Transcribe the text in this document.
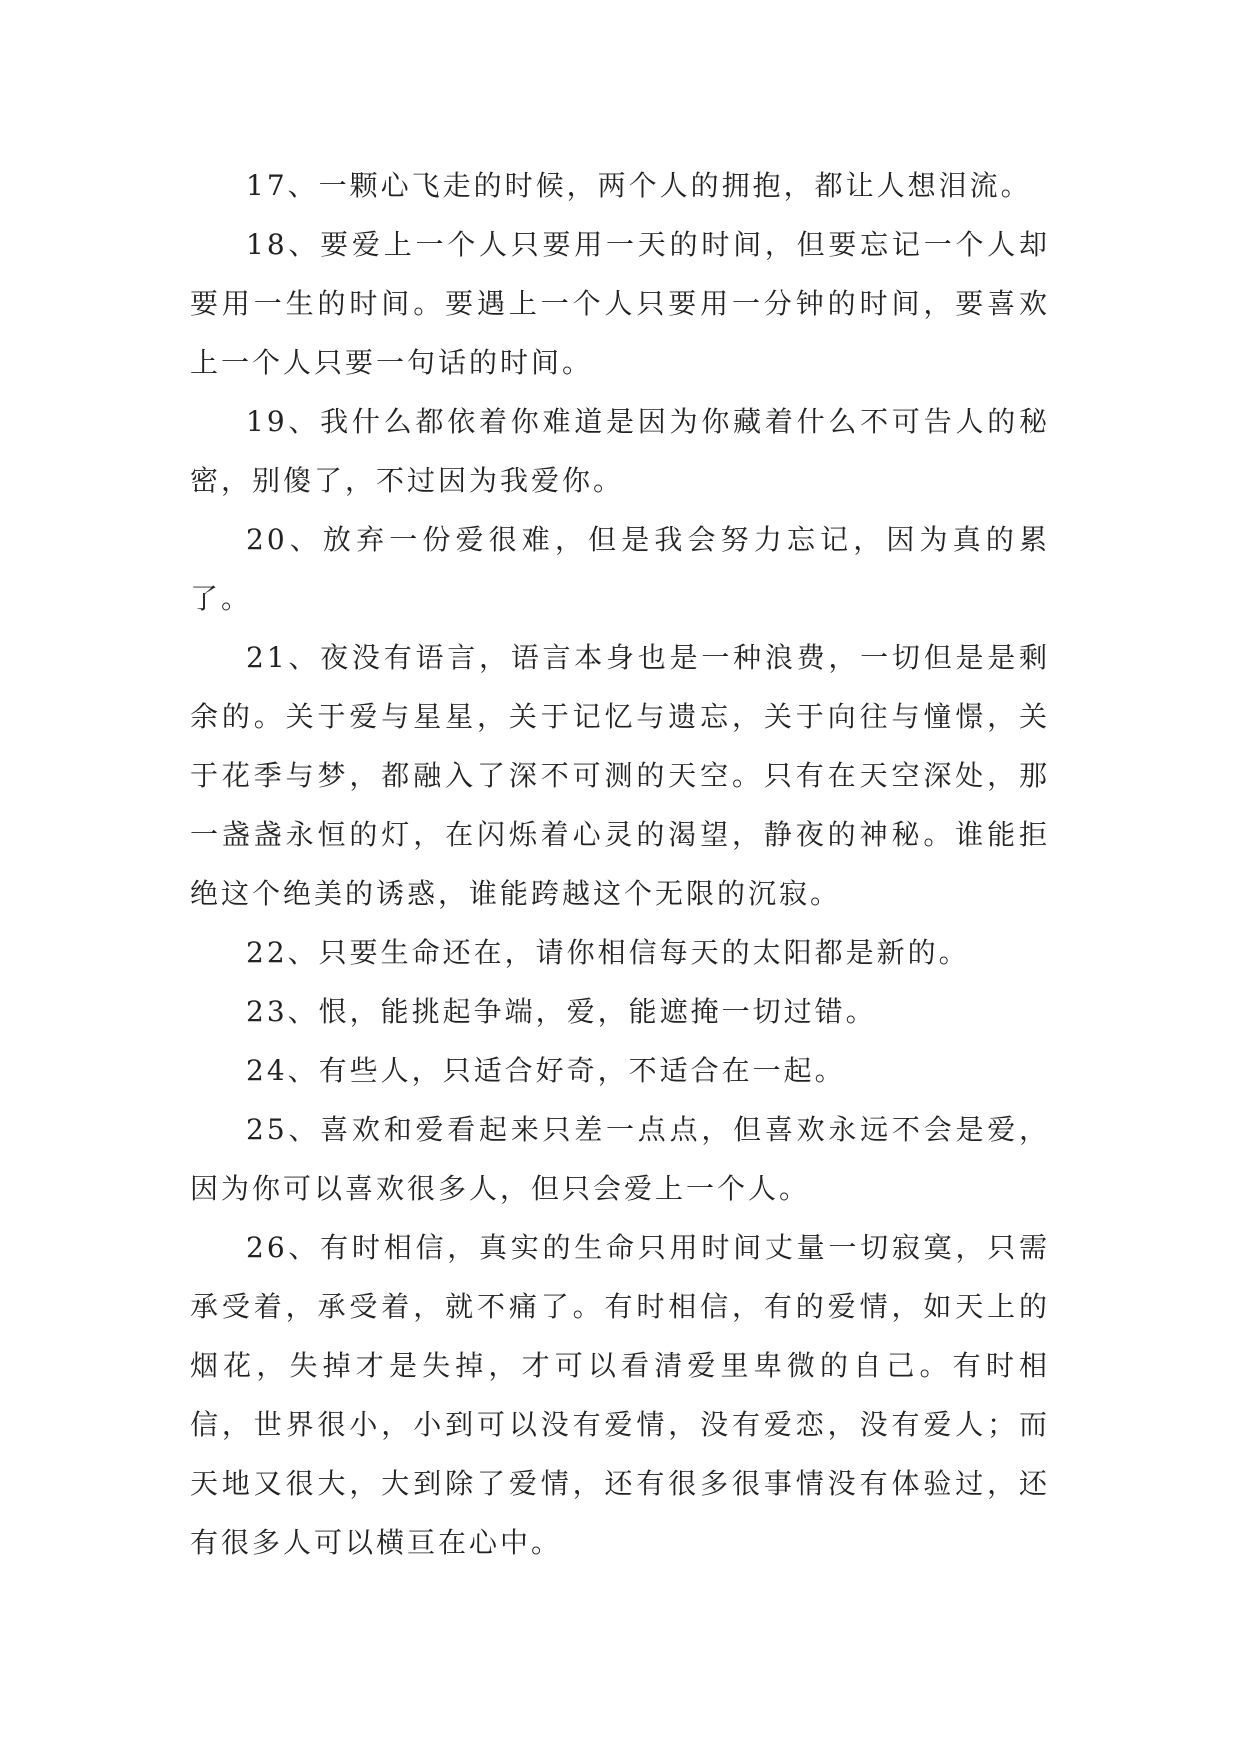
17、一颗心飞走的时候，两个人的拥抱，都让人想泪流。

18、要爱上一个人只要用一天的时间，但要忘记一个人却要用一生的时间。要遇上一个人只要用一分钟的时间，要喜欢上一个人只要一句话的时间。

19、我什么都依着你难道是因为你藏着什么不可告人的秘密，别傻了，不过因为我爱你。

20、放弃一份爱很难，但是我会努力忘记，因为真的累了。

21、夜没有语言，语言本身也是一种浪费，一切但是是剩余的。关于爱与星星，关于记忆与遗忘，关于向往与憧憬，关于花季与梦，都融入了深不可测的天空。只有在天空深处，那一盏盏永恒的灯，在闪烁着心灵的渴望，静夜的神秘。谁能拒绝这个绝美的诱惑，谁能跨越这个无限的沉寂。

22、只要生命还在，请你相信每天的太阳都是新的。

23、恨，能挑起争端，爱，能遮掩一切过错。

24、有些人，只适合好奇，不适合在一起。

25、喜欢和爱看起来只差一点点，但喜欢永远不会是爱，因为你可以喜欢很多人，但只会爱上一个人。

26、有时相信，真实的生命只用时间丈量一切寂寞，只需承受着，承受着，就不痛了。有时相信，有的爱情，如天上的烟花，失掉才是失掉，才可以看清爱里卑微的自己。有时相信，世界很小，小到可以没有爱情，没有爱恋，没有爱人；而天地又很大，大到除了爱情，还有很多很事情没有体验过，还有很多人可以横亘在心中。
